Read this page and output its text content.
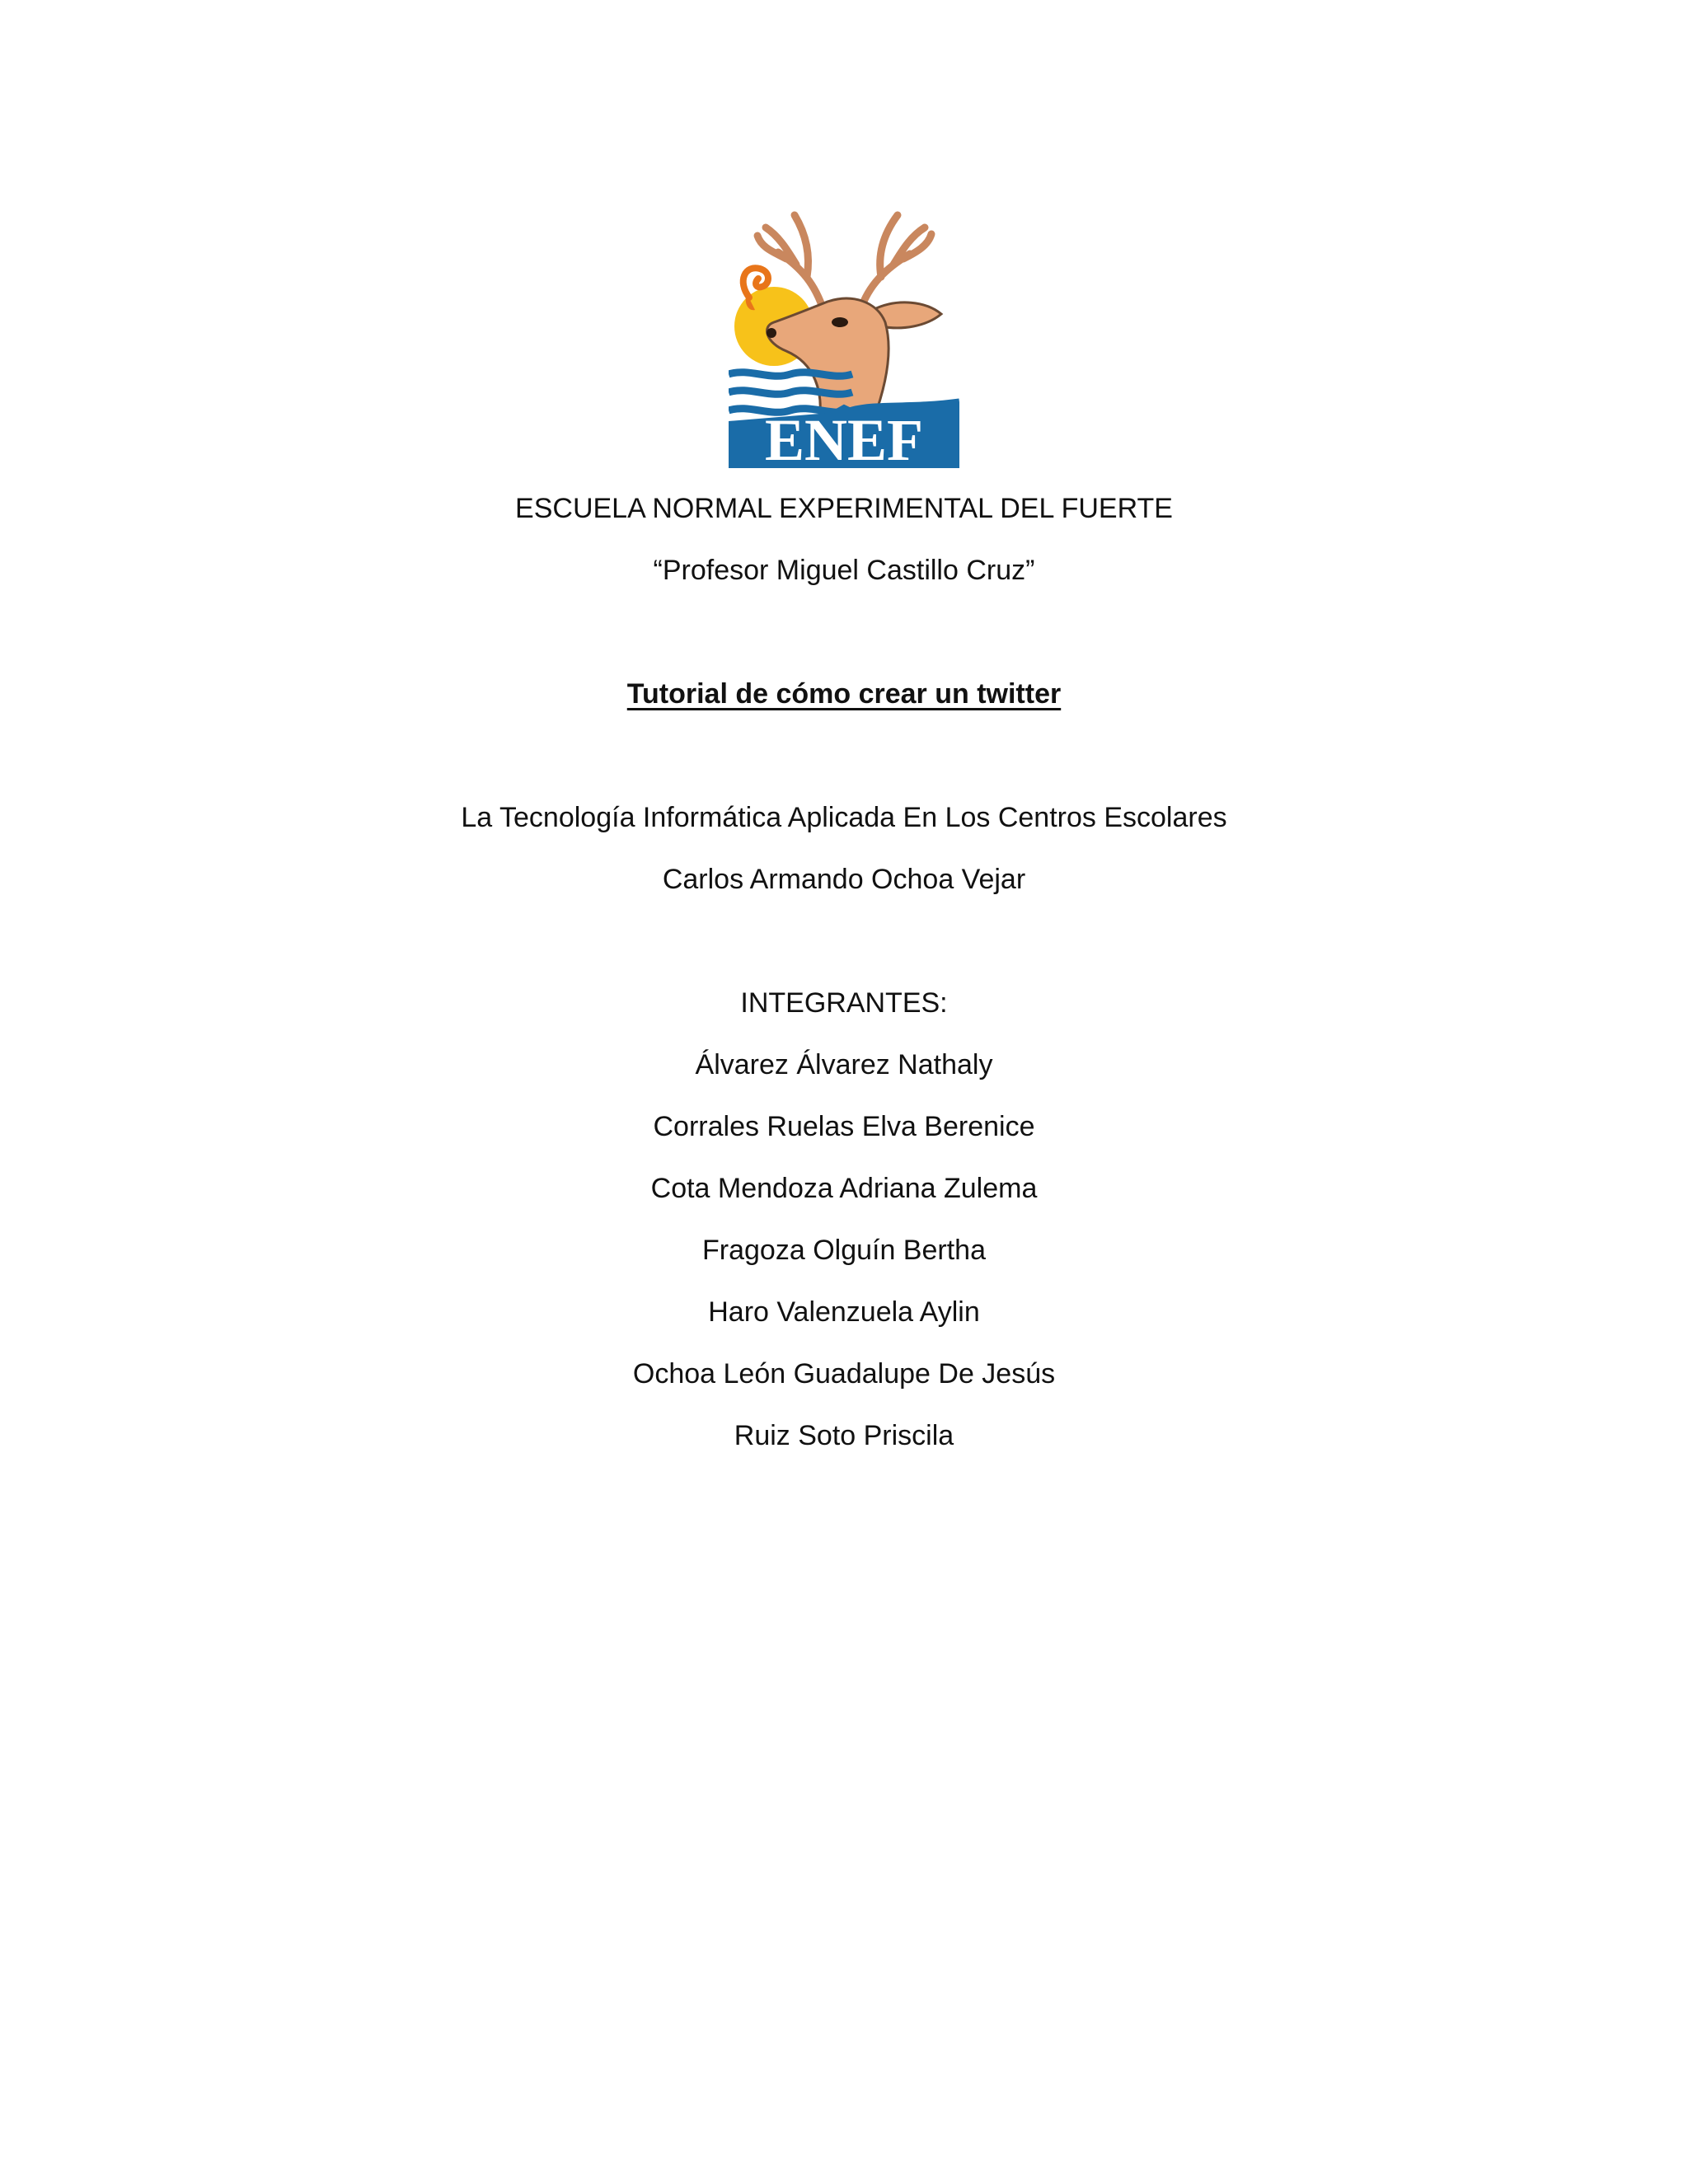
ENEF
ESCUELA NORMAL EXPERIMENTAL DEL FUERTE
“Profesor Miguel Castillo Cruz”
Tutorial de cómo crear un twitter
La Tecnología Informática Aplicada En Los Centros Escolares
Carlos Armando Ochoa Vejar
INTEGRANTES:
Álvarez Álvarez Nathaly
Corrales Ruelas Elva Berenice
Cota Mendoza Adriana Zulema
Fragoza Olguín Bertha
Haro Valenzuela Aylin
Ochoa León Guadalupe De Jesús
Ruiz Soto Priscila
